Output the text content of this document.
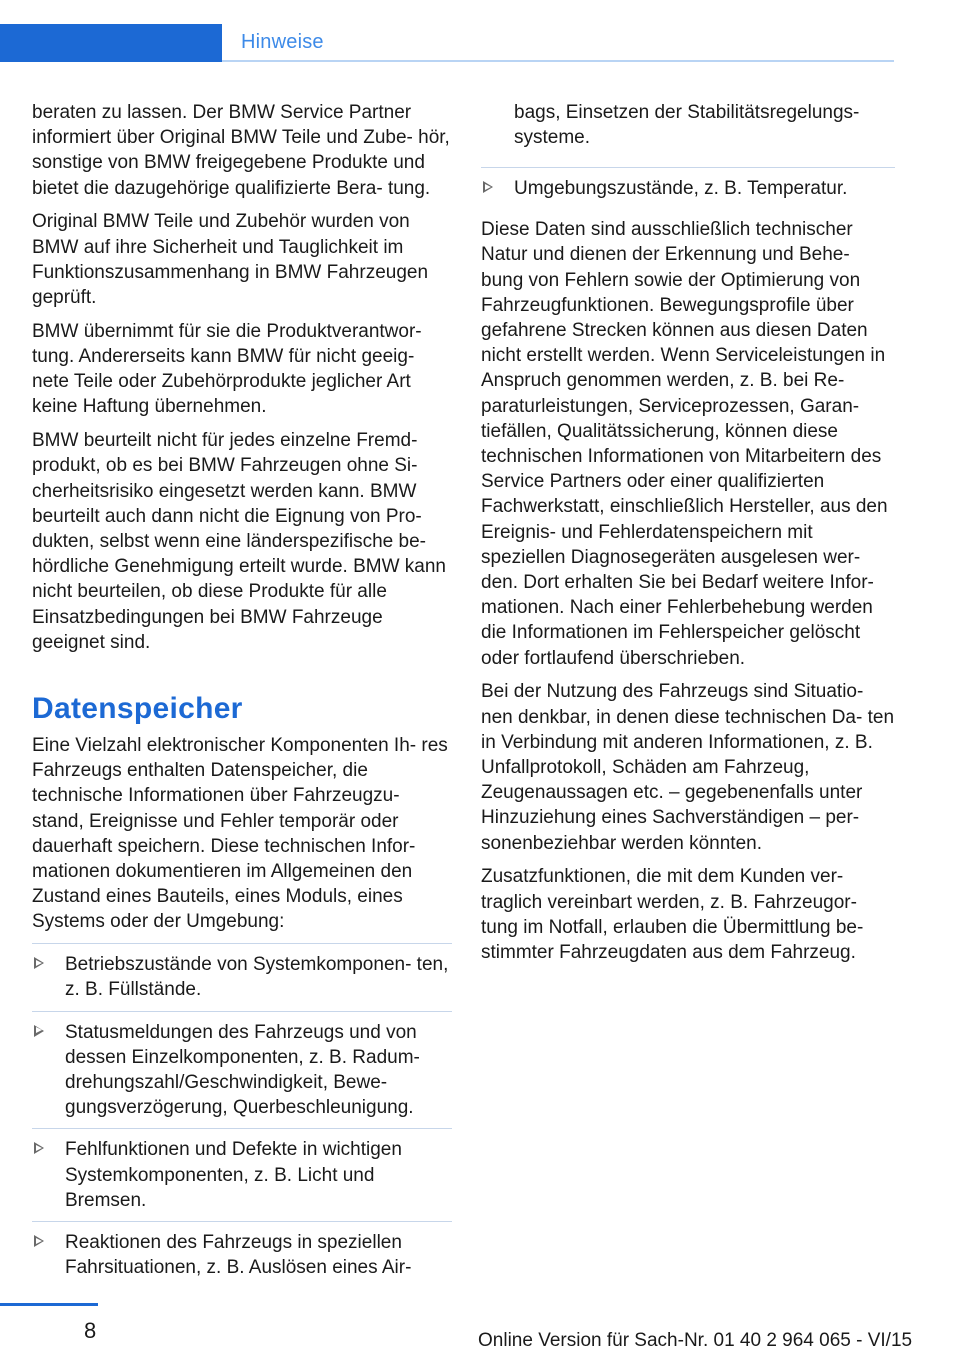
Hinweise

beraten zu lassen. Der BMW Service Partner informiert über Original BMW Teile und Zube‐ hör, sonstige von BMW freigegebene Produkte und bietet die dazugehörige qualifizierte Bera‐ tung.

Original BMW Teile und Zubehör wurden von BMW auf ihre Sicherheit und Tauglichkeit im Funktionszusammenhang in BMW Fahrzeugen geprüft.

BMW übernimmt für sie die Produktverantwor‐ tung. Andererseits kann BMW für nicht geeig‐ nete Teile oder Zubehörprodukte jeglicher Art keine Haftung übernehmen.

BMW beurteilt nicht für jedes einzelne Fremd‐ produkt, ob es bei BMW Fahrzeugen ohne Si‐ cherheitsrisiko eingesetzt werden kann. BMW beurteilt auch dann nicht die Eignung von Pro‐ dukten, selbst wenn eine länderspezifische be‐ hördliche Genehmigung erteilt wurde. BMW kann nicht beurteilen, ob diese Produkte für alle Einsatzbedingungen bei BMW Fahrzeuge geeignet sind.

Datenspeicher

Eine Vielzahl elektronischer Komponenten Ih‐ res Fahrzeugs enthalten Datenspeicher, die technische Informationen über Fahrzeugzu‐ stand, Ereignisse und Fehler temporär oder dauerhaft speichern. Diese technischen Infor‐ mationen dokumentieren im Allgemeinen den Zustand eines Bauteils, eines Moduls, eines Systems oder der Umgebung:

Betriebszustände von Systemkomponen‐ ten, z. B. Füllstände.
Statusmeldungen des Fahrzeugs und von dessen Einzelkomponenten, z. B. Radum‐ drehungszahl/Geschwindigkeit, Bewe‐ gungsverzögerung, Querbeschleunigung.
Fehlfunktionen und Defekte in wichtigen Systemkomponenten, z. B. Licht und Bremsen.
Reaktionen des Fahrzeugs in speziellen Fahrsituationen, z. B. Auslösen eines Air‐

bags, Einsetzen der Stabilitätsregelungs‐ systeme.

Umgebungszustände, z. B. Temperatur.

Diese Daten sind ausschließlich technischer Natur und dienen der Erkennung und Behe‐ bung von Fehlern sowie der Optimierung von Fahrzeugfunktionen. Bewegungsprofile über gefahrene Strecken können aus diesen Daten nicht erstellt werden. Wenn Serviceleistungen in Anspruch genommen werden, z. B. bei Re‐ paraturleistungen, Serviceprozessen, Garan‐ tiefällen, Qualitätssicherung, können diese technischen Informationen von Mitarbeitern des Service Partners oder einer qualifizierten Fachwerkstatt, einschließlich Hersteller, aus den Ereignis- und Fehlerdatenspeichern mit speziellen Diagnosegeräten ausgelesen wer‐ den. Dort erhalten Sie bei Bedarf weitere Infor‐ mationen. Nach einer Fehlerbehebung werden die Informationen im Fehlerspeicher gelöscht oder fortlaufend überschrieben.

Bei der Nutzung des Fahrzeugs sind Situatio‐ nen denkbar, in denen diese technischen Da‐ ten in Verbindung mit anderen Informationen, z. B. Unfallprotokoll, Schäden am Fahrzeug, Zeugenaussagen etc. – gegebenenfalls unter Hinzuziehung eines Sachverständigen – per‐ sonenbeziehbar werden könnten.

Zusatzfunktionen, die mit dem Kunden ver‐ traglich vereinbart werden, z. B. Fahrzeugor‐ tung im Notfall, erlauben die Übermittlung be‐ stimmter Fahrzeugdaten aus dem Fahrzeug.

8	Online Version für Sach-Nr. 01 40 2 964 065 - VI/15
